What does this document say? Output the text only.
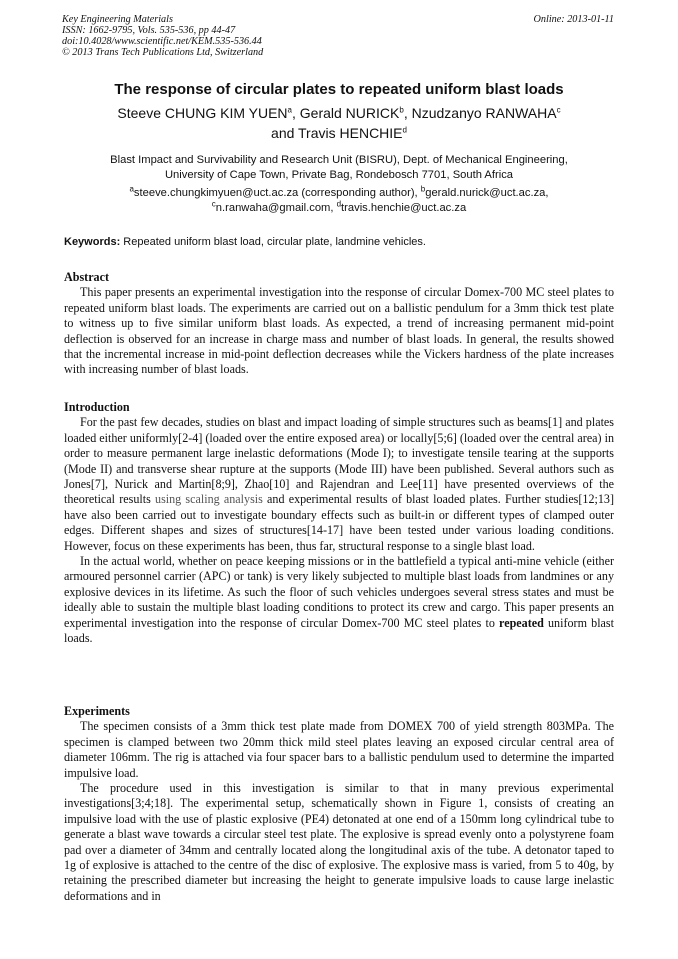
Key Engineering Materials
ISSN: 1662-9795, Vols. 535-536, pp 44-47
doi:10.4028/www.scientific.net/KEM.535-536.44
© 2013 Trans Tech Publications Ltd, Switzerland
Online: 2013-01-11
The response of circular plates to repeated uniform blast loads
Steeve CHUNG KIM YUEN$^a$, Gerald NURICK$^b$, Nzudzanyo RANWAHA$^c$
and Travis HENCHIE$^d$
Blast Impact and Survivability and Research Unit (BISRU), Dept. of Mechanical Engineering,
University of Cape Town, Private Bag, Rondebosch 7701, South Africa
$^a$steeve.chungkimyuen@uct.ac.za (corresponding author), $^b$gerald.nurick@uct.ac.za,
$^c$n.ranwaha@gmail.com, $^d$travis.henchie@uct.ac.za
Keywords: Repeated uniform blast load, circular plate, landmine vehicles.
Abstract

This paper presents an experimental investigation into the response of circular Domex-700 MC steel plates to repeated uniform blast loads. The experiments are carried out on a ballistic pendulum for a 3mm thick test plate to witness up to five similar uniform blast loads. As expected, a trend of increasing permanent mid-point deflection is observed for an increase in charge mass and number of blast loads. In general, the results showed that the incremental increase in mid-point deflection decreases while the Vickers hardness of the plate increases with increasing number of blast loads.

Introduction

For the past few decades, studies on blast and impact loading of simple structures such as beams[1] and plates loaded either uniformly[2-4] (loaded over the entire exposed area) or locally[5;6] (loaded over the central area) in order to measure permanent large inelastic deformations (Mode I); to investigate tensile tearing at the supports (Mode II) and transverse shear rupture at the supports (Mode III) have been published. Several authors such as Jones[7], Nurick and Martin[8;9], Zhao[10] and Rajendran and Lee[11] have presented overviews of the theoretical results using scaling analysis and experimental results of blast loaded plates. Further studies[12;13] have also been carried out to investigate boundary effects such as built-in or different types of clamped outer edges. Different shapes and sizes of structures[14-17] have been tested under various loading conditions. However, focus on these experiments has been, thus far, structural response to a single blast load.

In the actual world, whether on peace keeping missions or in the battlefield a typical anti-mine vehicle (either armoured personnel carrier (APC) or tank) is very likely subjected to multiple blast loads from landmines or any explosive devices in its lifetime. As such the floor of such vehicles undergoes several stress states and must be ideally able to sustain the multiple blast loading conditions to protect its crew and cargo. This paper presents an experimental investigation into the response of circular Domex-700 MC steel plates to repeated uniform blast loads.

Experiments

The specimen consists of a 3mm thick test plate made from DOMEX 700 of yield strength 803MPa. The specimen is clamped between two 20mm thick mild steel plates leaving an exposed circular central area of diameter 106mm. The rig is attached via four spacer bars to a ballistic pendulum used to determine the imparted impulsive load.

The procedure used in this investigation is similar to that in many previous experimental investigations[3;4;18]. The experimental setup, schematically shown in Figure 1, consists of creating an impulsive load with the use of plastic explosive (PE4) detonated at one end of a 150mm long cylindrical tube to generate a blast wave towards a circular steel test plate. The explosive is spread evenly onto a polystyrene foam pad over a diameter of 34mm and centrally located along the longitudinal axis of the tube. A detonator taped to 1g of explosive is attached to the centre of the disc of explosive. The explosive mass is varied, from 5 to 40g, by retaining the prescribed diameter but increasing the height to generate impulsive loads to cause large inelastic deformations and in
